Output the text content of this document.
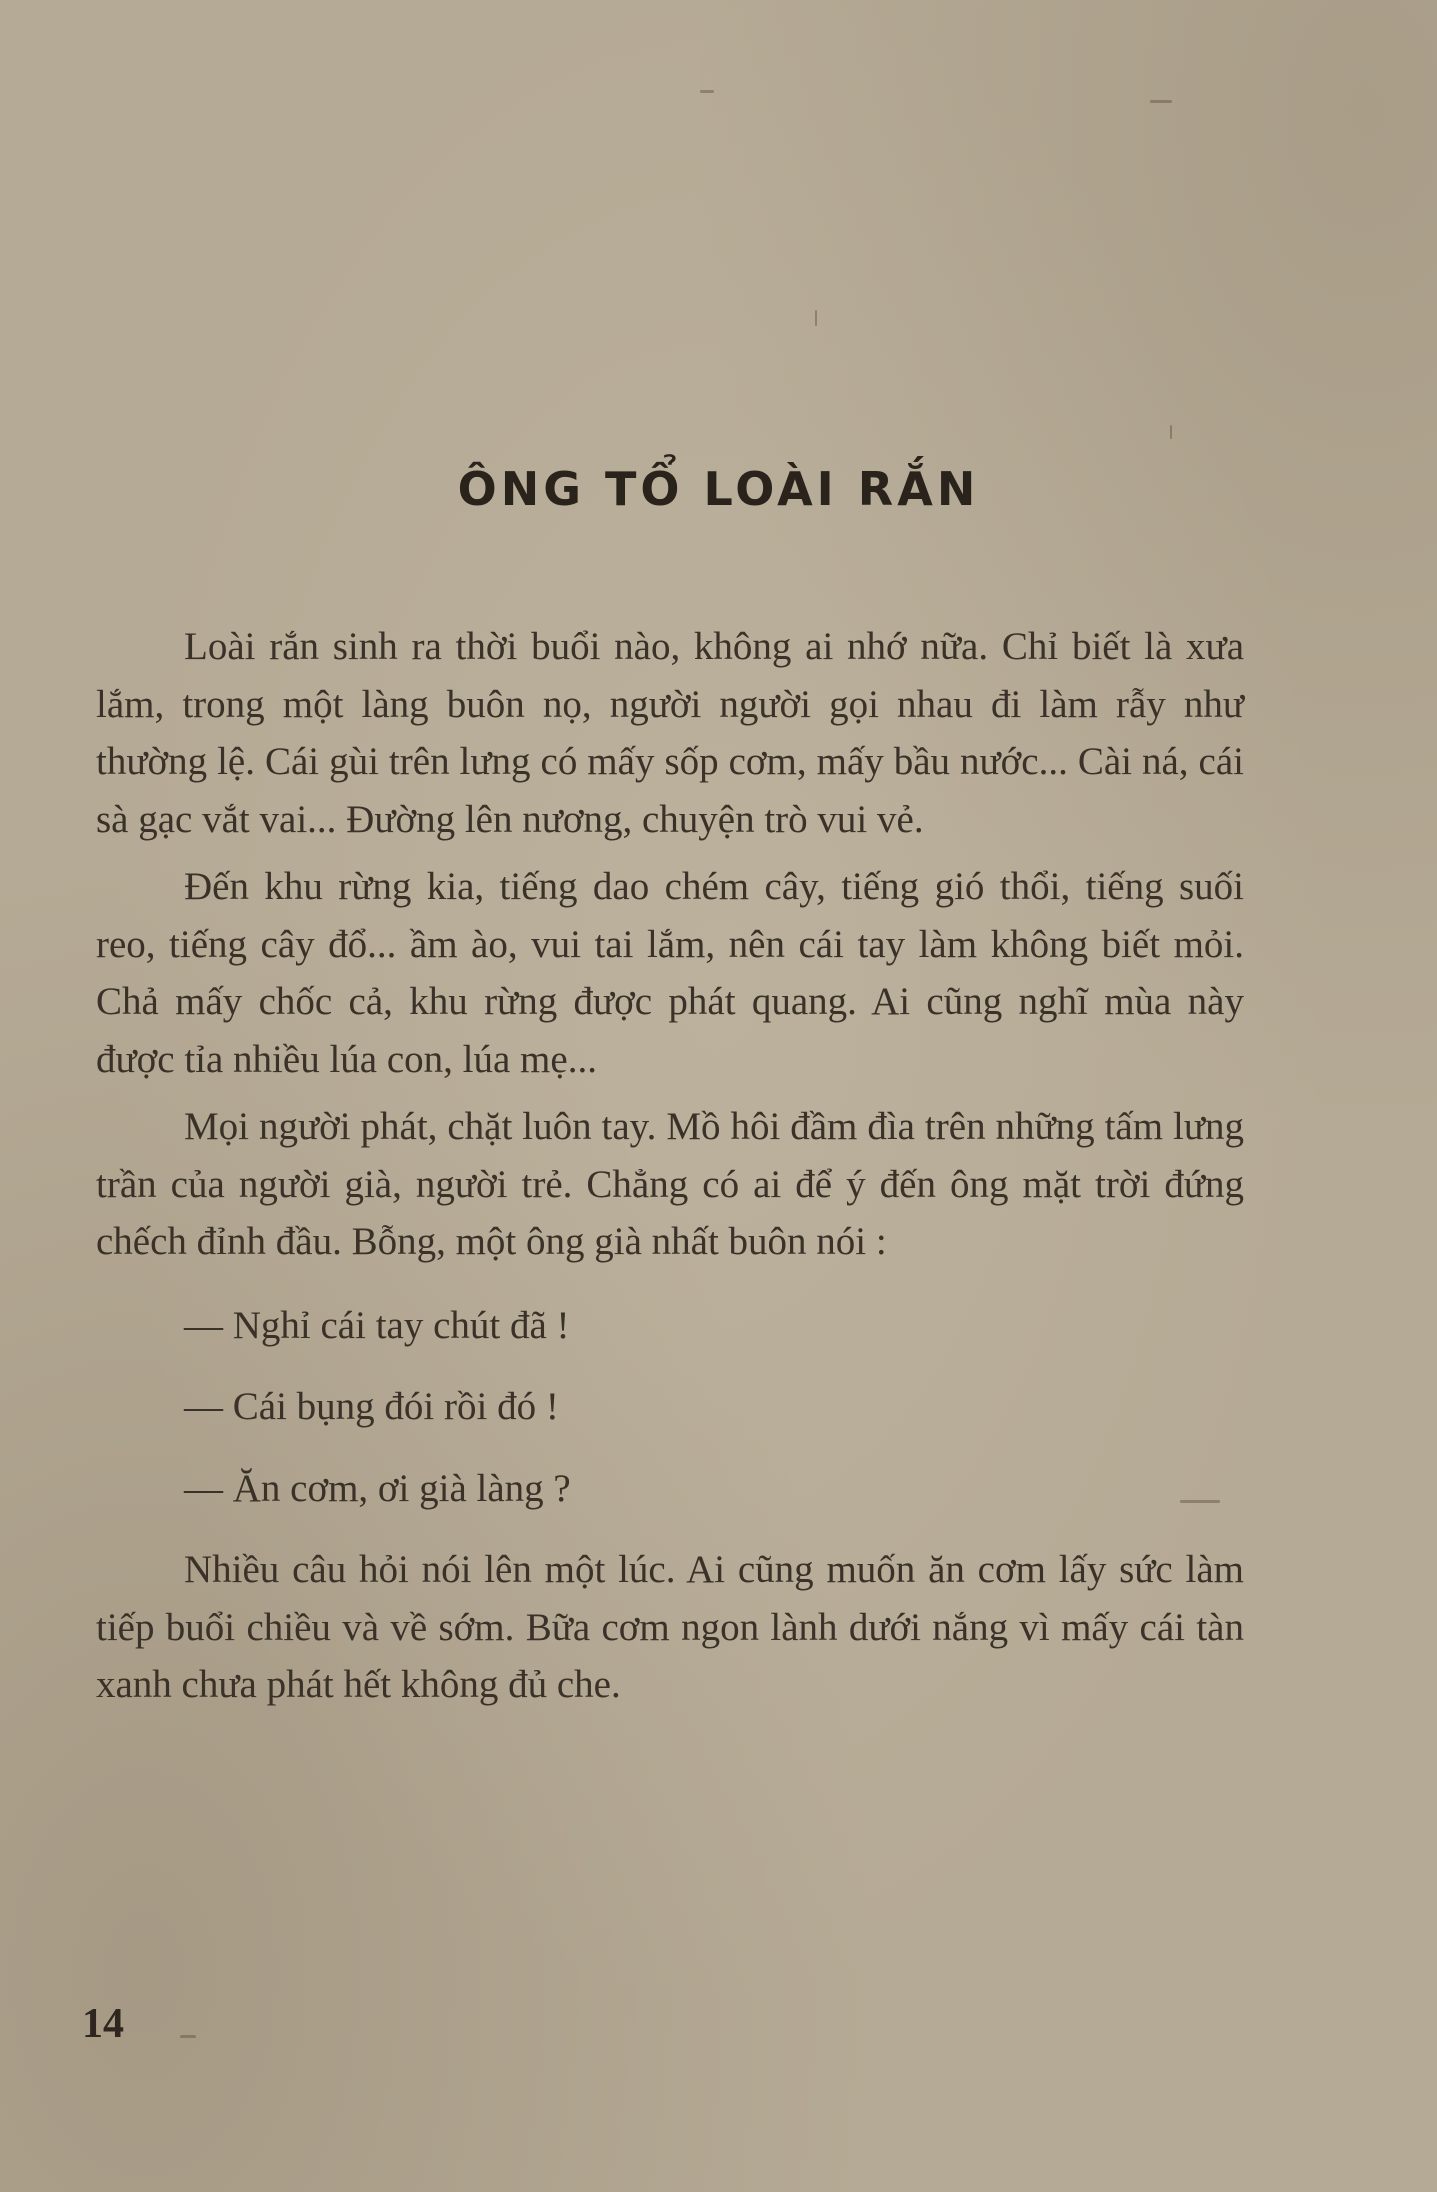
ÔNG TỔ LOÀI RẮN

Loài rắn sinh ra thời buổi nào, không ai nhớ nữa. Chỉ biết là xưa lắm, trong một làng buôn nọ, người người gọi nhau đi làm rẫy như thường lệ. Cái gùi trên lưng có mấy sốp cơm, mấy bầu nước... Cài ná, cái sà gạc vắt vai... Đường lên nương, chuyện trò vui vẻ.

Đến khu rừng kia, tiếng dao chém cây, tiếng gió thổi, tiếng suối reo, tiếng cây đổ... ầm ào, vui tai lắm, nên cái tay làm không biết mỏi. Chả mấy chốc cả, khu rừng được phát quang. Ai cũng nghĩ mùa này được tỉa nhiều lúa con, lúa mẹ...

Mọi người phát, chặt luôn tay. Mồ hôi đầm đìa trên những tấm lưng trần của người già, người trẻ. Chẳng có ai để ý đến ông mặt trời đứng chếch đỉnh đầu. Bỗng, một ông già nhất buôn nói :

— Nghỉ cái tay chút đã !

— Cái bụng đói rồi đó !

— Ăn cơm, ơi già làng ?

Nhiều câu hỏi nói lên một lúc. Ai cũng muốn ăn cơm lấy sức làm tiếp buổi chiều và về sớm. Bữa cơm ngon lành dưới nắng vì mấy cái tàn xanh chưa phát hết không đủ che.

14
